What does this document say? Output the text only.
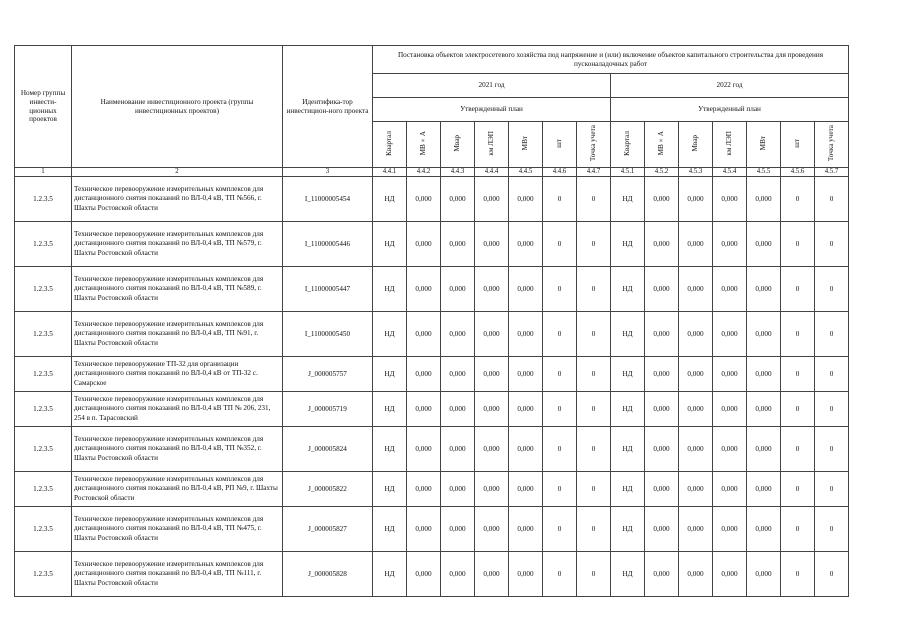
Номер группы инвести-ционных проектов	Наименование инвестиционного проекта (группы инвестиционных проектов)	Идентифика-тор инвестицион-ного проекта	Постановка объектов электросетевого хозяйства под напряжение и (или) включение объектов капитального строительства для проведения пусконаладочных работ													
			2021 год							2022 год						
			Утвержденный план							Утвержденный план						
			Квартал	МВ×А	Мвар	км ЛЭП	МВт	шт	Точка учета	Квартал	МВ×А	Мвар	км ЛЭП	МВт	шт	Точка учета
1	2	3	4.4.1	4.4.2	4.4.3	4.4.4	4.4.5	4.4.6	4.4.7	4.5.1	4.5.2	4.5.3	4.5.4	4.5.5	4.5.6	4.5.7
1.2.3.5	Техническое перевооружение измерительных комплексов для дистанционного снятия показаний по ВЛ-0,4 кВ, ТП №566, г. Шахты Ростовской области	I_11000005454	НД	0,000	0,000	0,000	0,000	0	0	НД	0,000	0,000	0,000	0,000	0	0
1.2.3.5	Техническое перевооружение измерительных комплексов для дистанционного снятия показаний по ВЛ-0,4 кВ, ТП №579, г. Шахты Ростовской области	I_11000005446	НД	0,000	0,000	0,000	0,000	0	0	НД	0,000	0,000	0,000	0,000	0	0
1.2.3.5	Техническое перевооружение измерительных комплексов для дистанционного снятия показаний по ВЛ-0,4 кВ, ТП №589, г. Шахты Ростовской области	I_11000005447	НД	0,000	0,000	0,000	0,000	0	0	НД	0,000	0,000	0,000	0,000	0	0
1.2.3.5	Техническое перевооружение измерительных комплексов для дистанционного снятия показаний по ВЛ-0,4 кВ, ТП №91, г. Шахты Ростовской области	I_11000005450	НД	0,000	0,000	0,000	0,000	0	0	НД	0,000	0,000	0,000	0,000	0	0
1.2.3.5	Техническое перевооружение ТП-32 для организации дистанционного снятия показаний по ВЛ-0,4 кВ от ТП-32 с. Самарское	J_000005757	НД	0,000	0,000	0,000	0,000	0	0	НД	0,000	0,000	0,000	0,000	0	0
1.2.3.5	Техническое перевооружение измерительных комплексов для дистанционного снятия показаний по ВЛ-0,4 кВ ТП № 206, 231, 254 в п. Тарасовский	J_000005719	НД	0,000	0,000	0,000	0,000	0	0	НД	0,000	0,000	0,000	0,000	0	0
1.2.3.5	Техническое перевооружение измерительных комплексов для дистанционного снятия показаний по ВЛ-0,4 кВ, ТП №352, г. Шахты Ростовской области	J_000005824	НД	0,000	0,000	0,000	0,000	0	0	НД	0,000	0,000	0,000	0,000	0	0
1.2.3.5	Техническое перевооружение измерительных комплексов для дистанционного снятия показаний по ВЛ-0,4 кВ, РП №9, г. Шахты Ростовской области	J_000005822	НД	0,000	0,000	0,000	0,000	0	0	НД	0,000	0,000	0,000	0,000	0	0
1.2.3.5	Техническое перевооружение измерительных комплексов для дистанционного снятия показаний по ВЛ-0,4 кВ, ТП №475, г. Шахты Ростовской области	J_000005827	НД	0,000	0,000	0,000	0,000	0	0	НД	0,000	0,000	0,000	0,000	0	0
1.2.3.5	Техническое перевооружение измерительных комплексов для дистанционного снятия показаний по ВЛ-0,4 кВ, ТП №111, г. Шахты Ростовской области	J_000005828	НД	0,000	0,000	0,000	0,000	0	0	НД	0,000	0,000	0,000	0,000	0	0
